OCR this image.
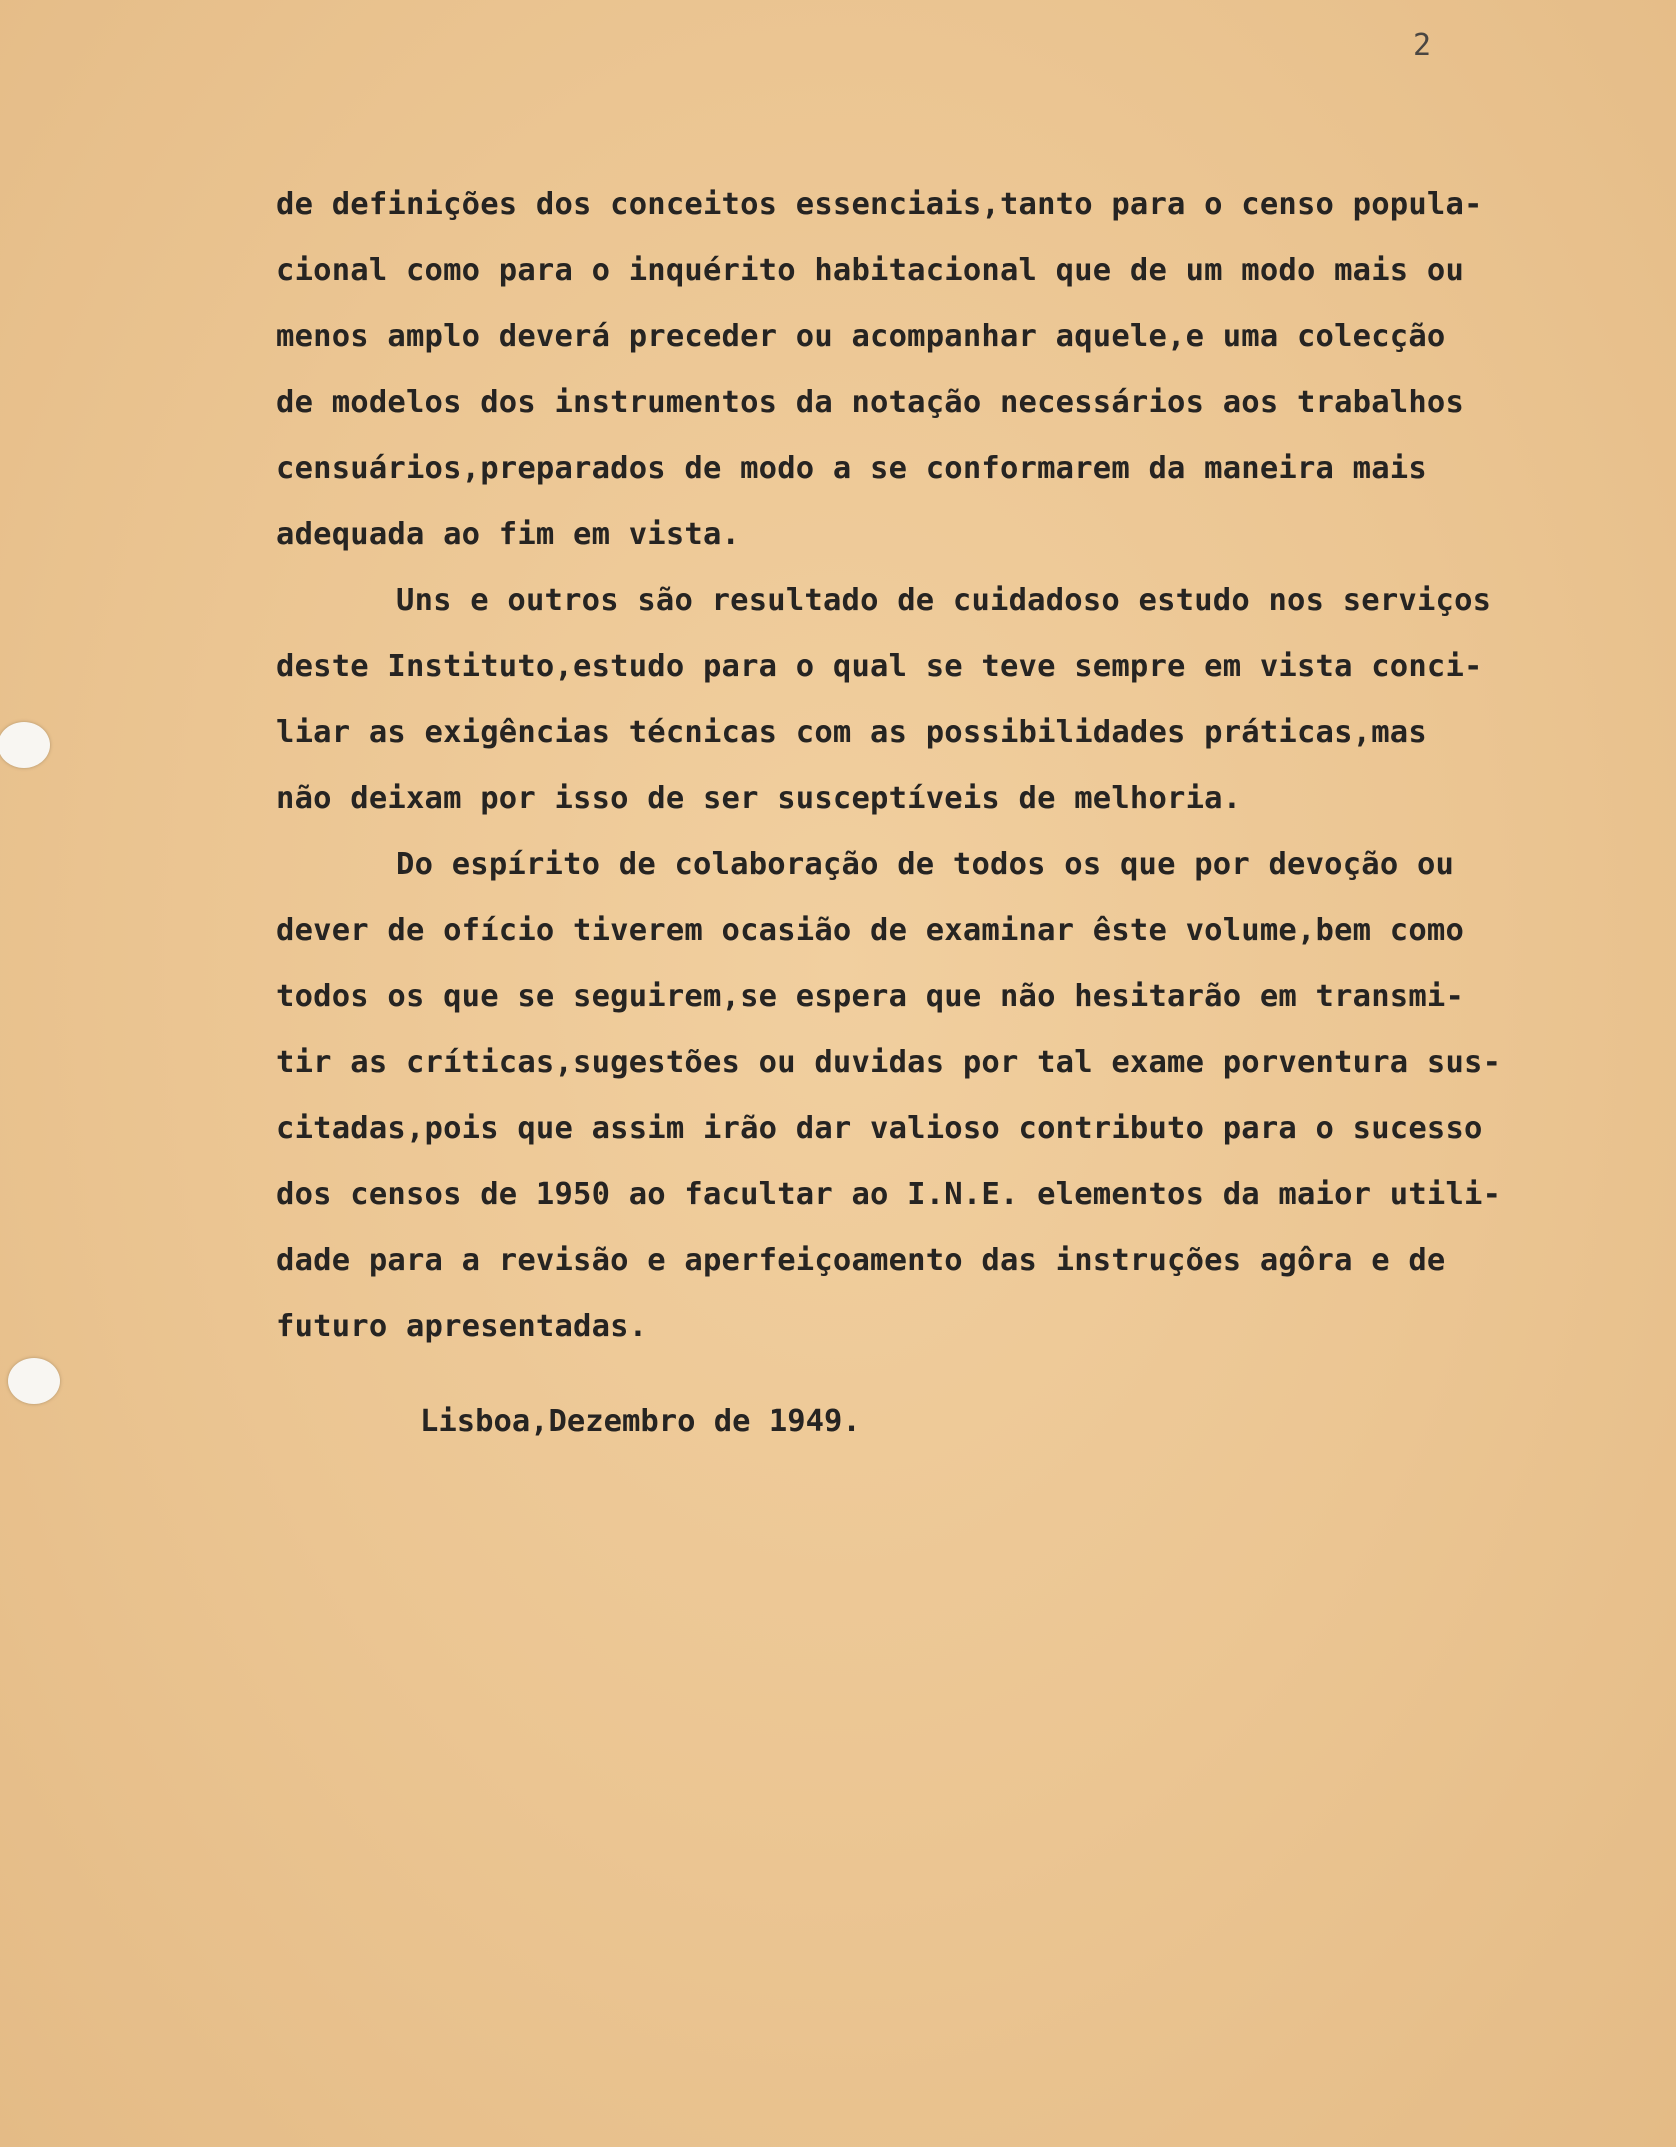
2
de definições dos conceitos essenciais,tanto para o censo popula-
cional como para o inquérito habitacional que de um modo mais ou
menos amplo deverá preceder ou acompanhar aquele,e uma colecção
de modelos dos instrumentos da notação necessários aos trabalhos
censuários,preparados de modo a se conformarem da maneira mais
adequada ao fim em vista.
Uns e outros são resultado de cuidadoso estudo nos serviços
deste Instituto,estudo para o qual se teve sempre em vista conci-
liar as exigências técnicas com as possibilidades práticas,mas
não deixam por isso de ser susceptíveis de melhoria.
Do espírito de colaboração de todos os que por devoção ou
dever de ofício tiverem ocasião de examinar êste volume,bem como
todos os que se seguirem,se espera que não hesitarão em transmi-
tir as críticas,sugestões ou duvidas por tal exame porventura sus-
citadas,pois que assim irão dar valioso contributo para o sucesso
dos censos de 1950 ao facultar ao I.N.E. elementos da maior utili-
dade para a revisão e aperfeiçoamento das instruções agôra e de
futuro apresentadas.
Lisboa,Dezembro de 1949.
